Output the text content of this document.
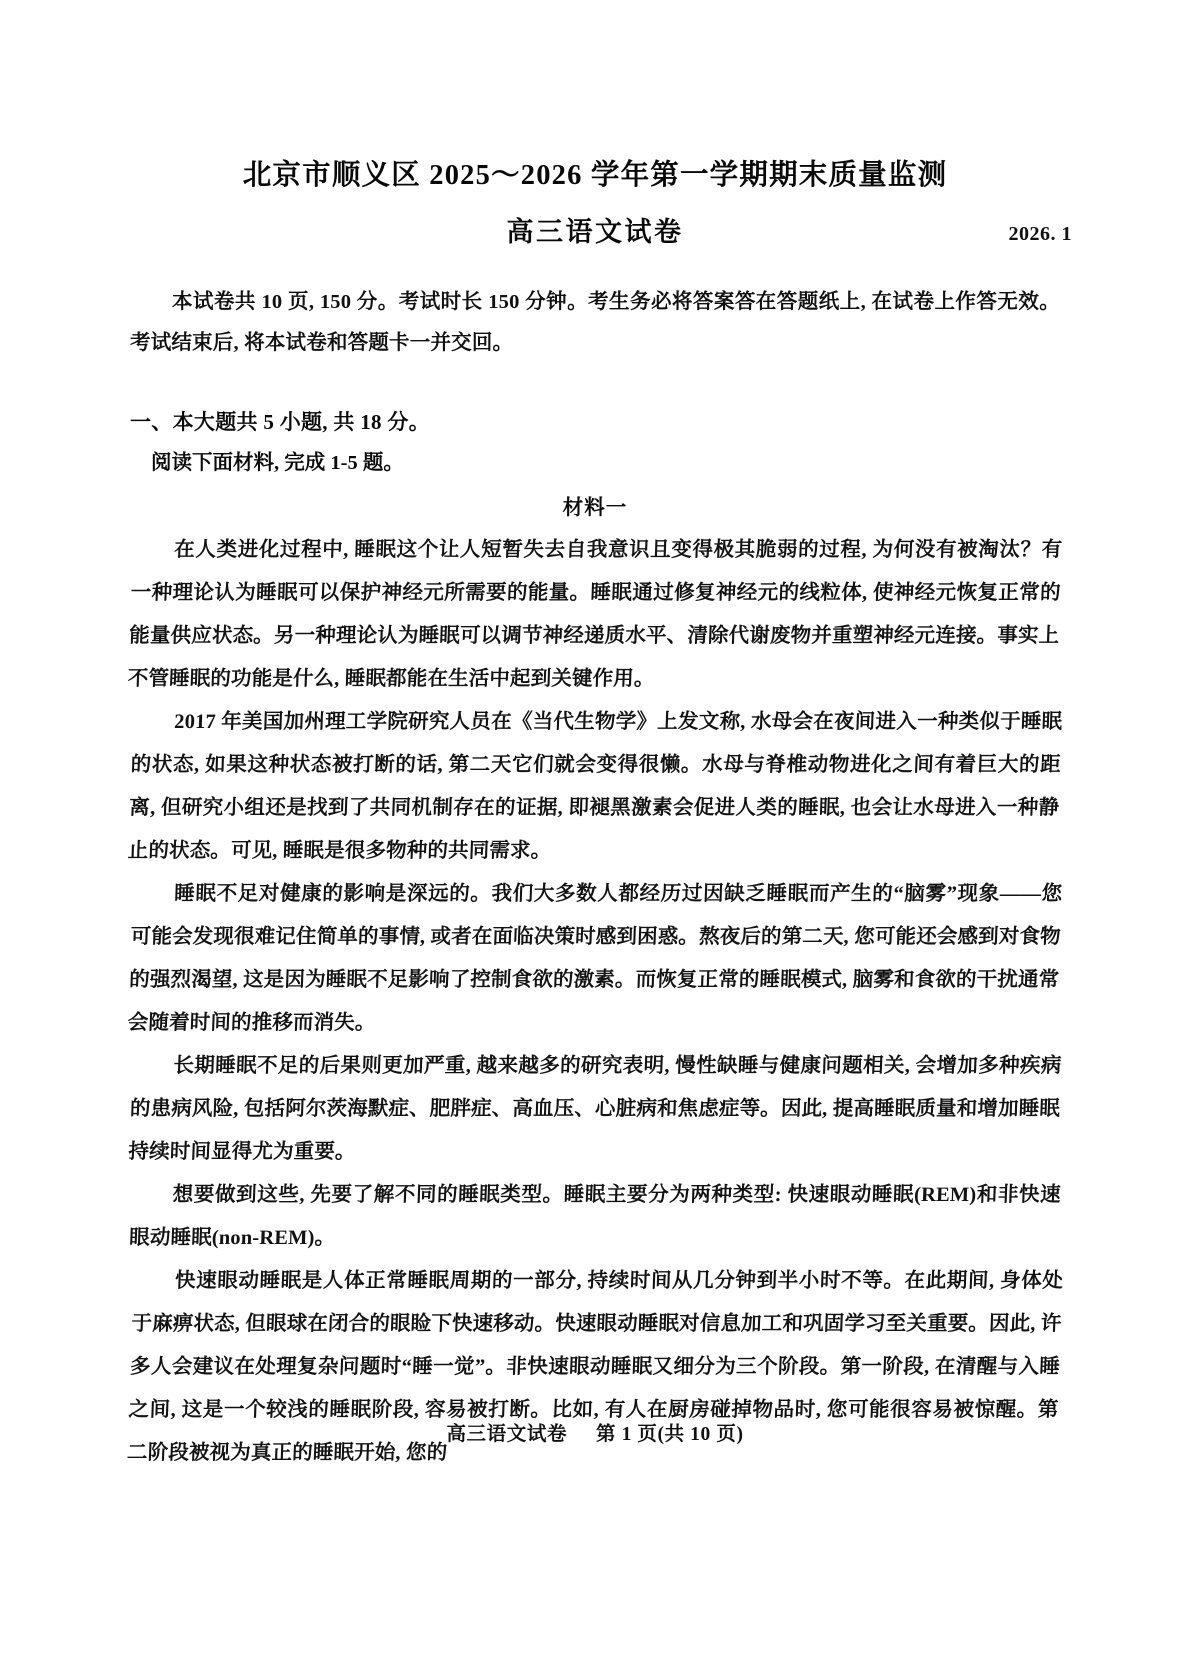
北京市顺义区 2025～2026 学年第一学期期末质量监测
高三语文试卷	2026. 1

本试卷共 10 页, 150 分。考试时长 150 分钟。考生务必将答案答在答题纸上, 在试卷上作答无效。考试结束后, 将本试卷和答题卡一并交回。

一、本大题共 5 小题, 共 18 分。

阅读下面材料, 完成 1-5 题。

材料一

在人类进化过程中, 睡眠这个让人短暂失去自我意识且变得极其脆弱的过程, 为何没有被淘汰？有一种理论认为睡眠可以保护神经元所需要的能量。睡眠通过修复神经元的线粒体, 使神经元恢复正常的能量供应状态。另一种理论认为睡眠可以调节神经递质水平、清除代谢废物并重塑神经元连接。事实上不管睡眠的功能是什么, 睡眠都能在生活中起到关键作用。

2017 年美国加州理工学院研究人员在《当代生物学》上发文称, 水母会在夜间进入一种类似于睡眠的状态, 如果这种状态被打断的话, 第二天它们就会变得很懒。水母与脊椎动物进化之间有着巨大的距离, 但研究小组还是找到了共同机制存在的证据, 即褪黑激素会促进人类的睡眠, 也会让水母进入一种静止的状态。可见, 睡眠是很多物种的共同需求。

睡眠不足对健康的影响是深远的。我们大多数人都经历过因缺乏睡眠而产生的“脑雾”现象——您可能会发现很难记住简单的事情, 或者在面临决策时感到困惑。熬夜后的第二天, 您可能还会感到对食物的强烈渴望, 这是因为睡眠不足影响了控制食欲的激素。而恢复正常的睡眠模式, 脑雾和食欲的干扰通常会随着时间的推移而消失。

长期睡眠不足的后果则更加严重, 越来越多的研究表明, 慢性缺睡与健康问题相关, 会增加多种疾病的患病风险, 包括阿尔茨海默症、肥胖症、高血压、心脏病和焦虑症等。因此, 提高睡眠质量和增加睡眠持续时间显得尤为重要。

想要做到这些, 先要了解不同的睡眠类型。睡眠主要分为两种类型: 快速眼动睡眠(REM)和非快速眼动睡眠(non-REM)。

快速眼动睡眠是人体正常睡眠周期的一部分, 持续时间从几分钟到半小时不等。在此期间, 身体处于麻痹状态, 但眼球在闭合的眼睑下快速移动。快速眼动睡眠对信息加工和巩固学习至关重要。因此, 许多人会建议在处理复杂问题时“睡一觉”。非快速眼动睡眠又细分为三个阶段。第一阶段, 在清醒与入睡之间, 这是一个较浅的睡眠阶段, 容易被打断。比如, 有人在厨房碰掉物品时, 您可能很容易被惊醒。第二阶段被视为真正的睡眠开始, 您的

高三语文试卷 第 1 页(共 10 页)
